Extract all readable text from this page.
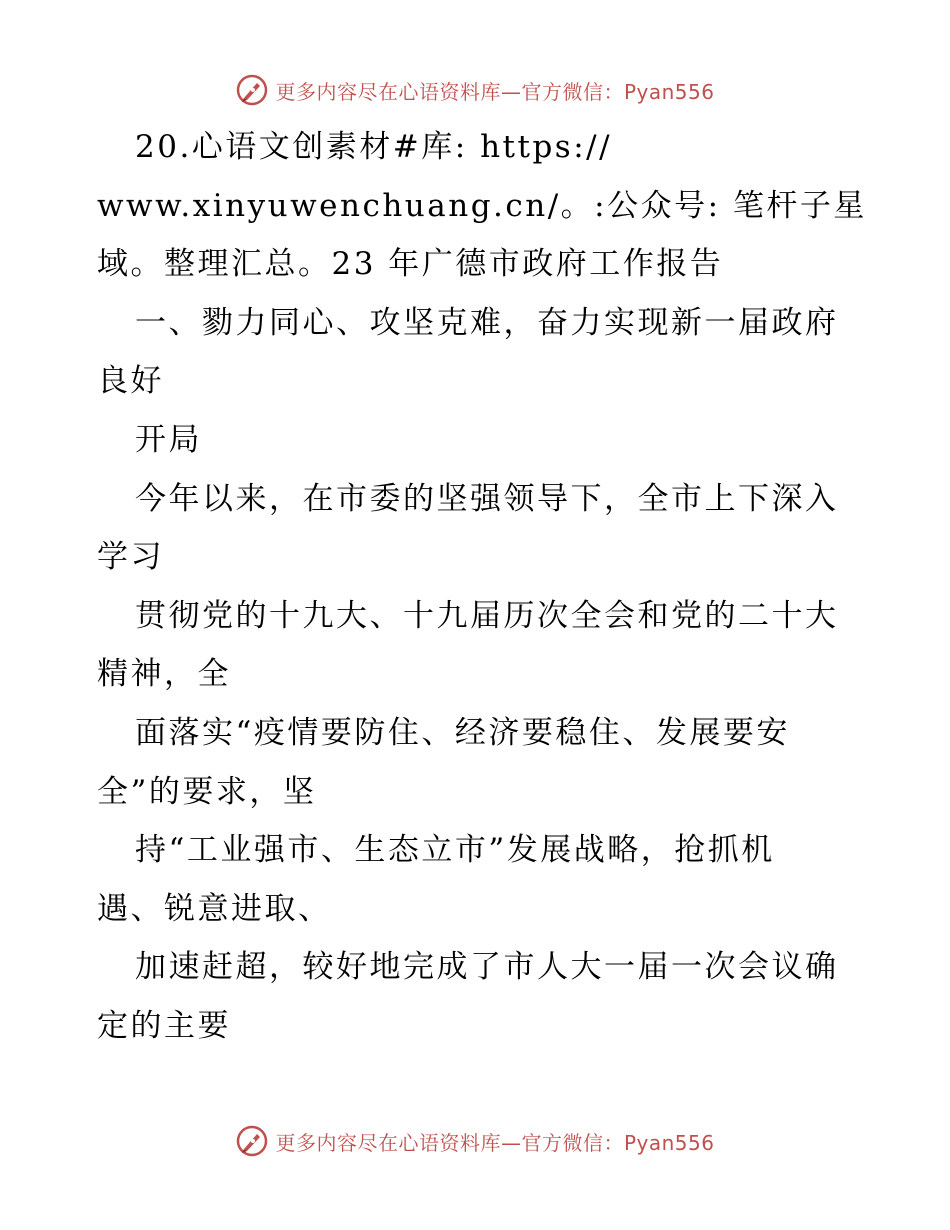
更多内容尽在心语资料库—官方微信：Pyan556
20.心语文创素材#库: https://
www.xinyuwenchuang.cn/。:公众号: 笔杆子星
域。整理汇总。23 年广德市政府工作报告
一、勠力同心、攻坚克难，奋力实现新一届政府
良好
开局
今年以来，在市委的坚强领导下，全市上下深入
学习
贯彻党的十九大、十九届历次全会和党的二十大
精神，全
面落实“疫情要防住、经济要稳住、发展要安
全”的要求，坚
持“工业强市、生态立市”发展战略，抢抓机
遇、锐意进取、
加速赶超，较好地完成了市人大一届一次会议确
定的主要
更多内容尽在心语资料库—官方微信：Pyan556
